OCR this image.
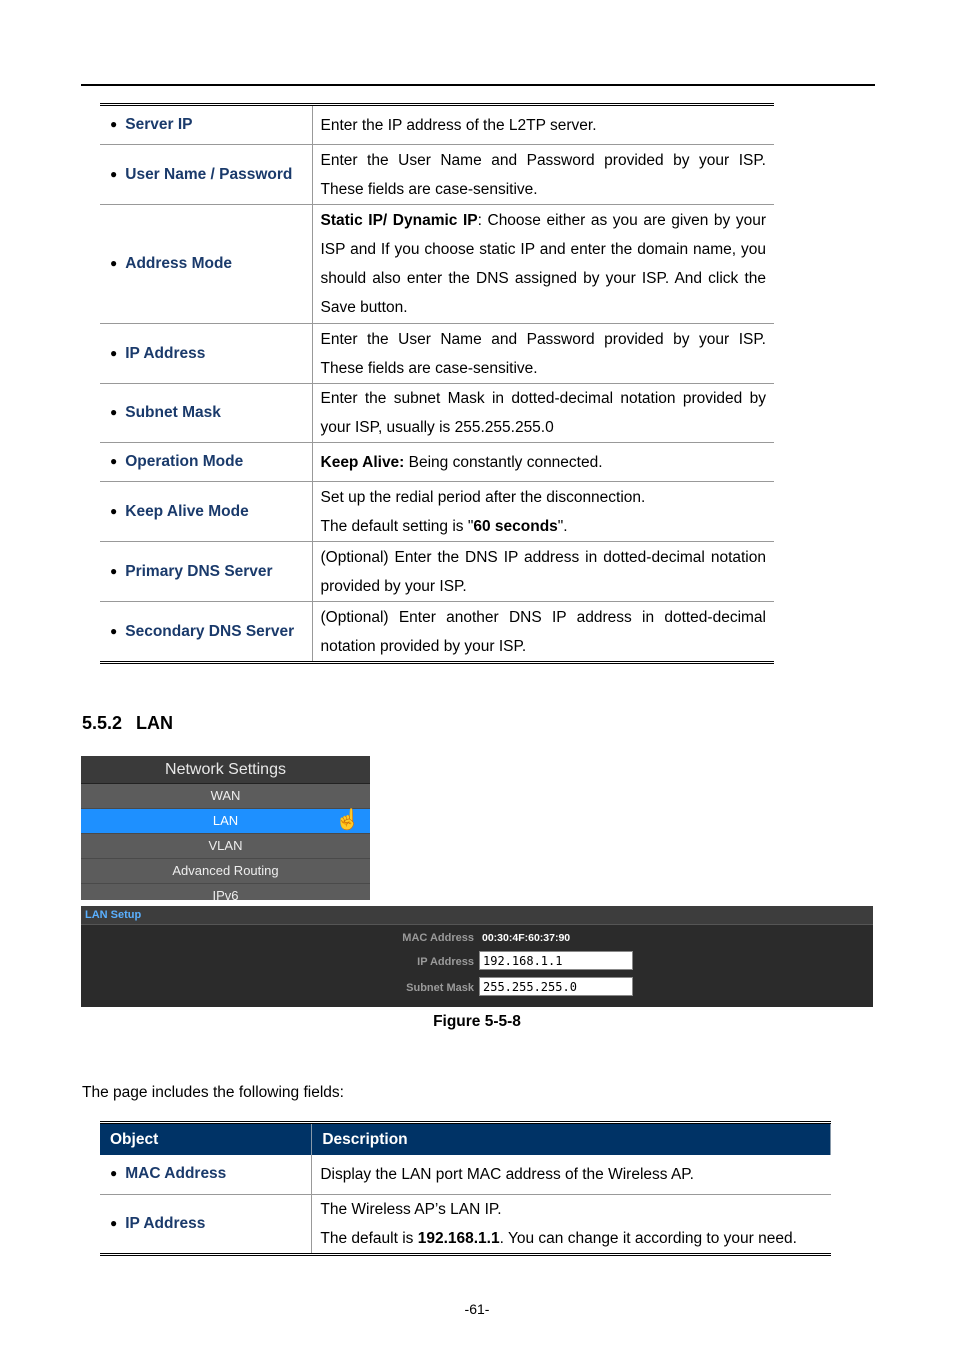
● Server IP	Enter the IP address of the L2TP server.
● User Name / Password	Enter the User Name and Password provided by your ISP. These fields are case-sensitive.
● Address Mode	Static IP/ Dynamic IP: Choose either as you are given by your ISP and If you choose static IP and enter the domain name, you should also enter the DNS assigned by your ISP. And click the Save button.
● IP Address	Enter the User Name and Password provided by your ISP. These fields are case-sensitive.
● Subnet Mask	Enter the subnet Mask in dotted-decimal notation provided by your ISP, usually is 255.255.255.0
● Operation Mode	Keep Alive: Being constantly connected.
● Keep Alive Mode	Set up the redial period after the disconnection.
The default setting is "60 seconds".
● Primary DNS Server	(Optional) Enter the DNS IP address in dotted-decimal notation provided by your ISP.
● Secondary DNS Server	(Optional) Enter another DNS IP address in dotted-decimal notation provided by your ISP.
5.5.2 LAN
Network Settings
WAN
LAN	☝
VLAN
Advanced Routing
IPv6
LAN Setup
MAC Address 00:30:4F:60:37:90
IP Address
192.168.1.1
Subnet Mask
255.255.255.0
Figure 5-5-8
The page includes the following fields:
Object	Description
● MAC Address	Display the LAN port MAC address of the Wireless AP.
● IP Address	The Wireless AP’s LAN IP.
The default is 192.168.1.1. You can change it according to your need.
-61-
